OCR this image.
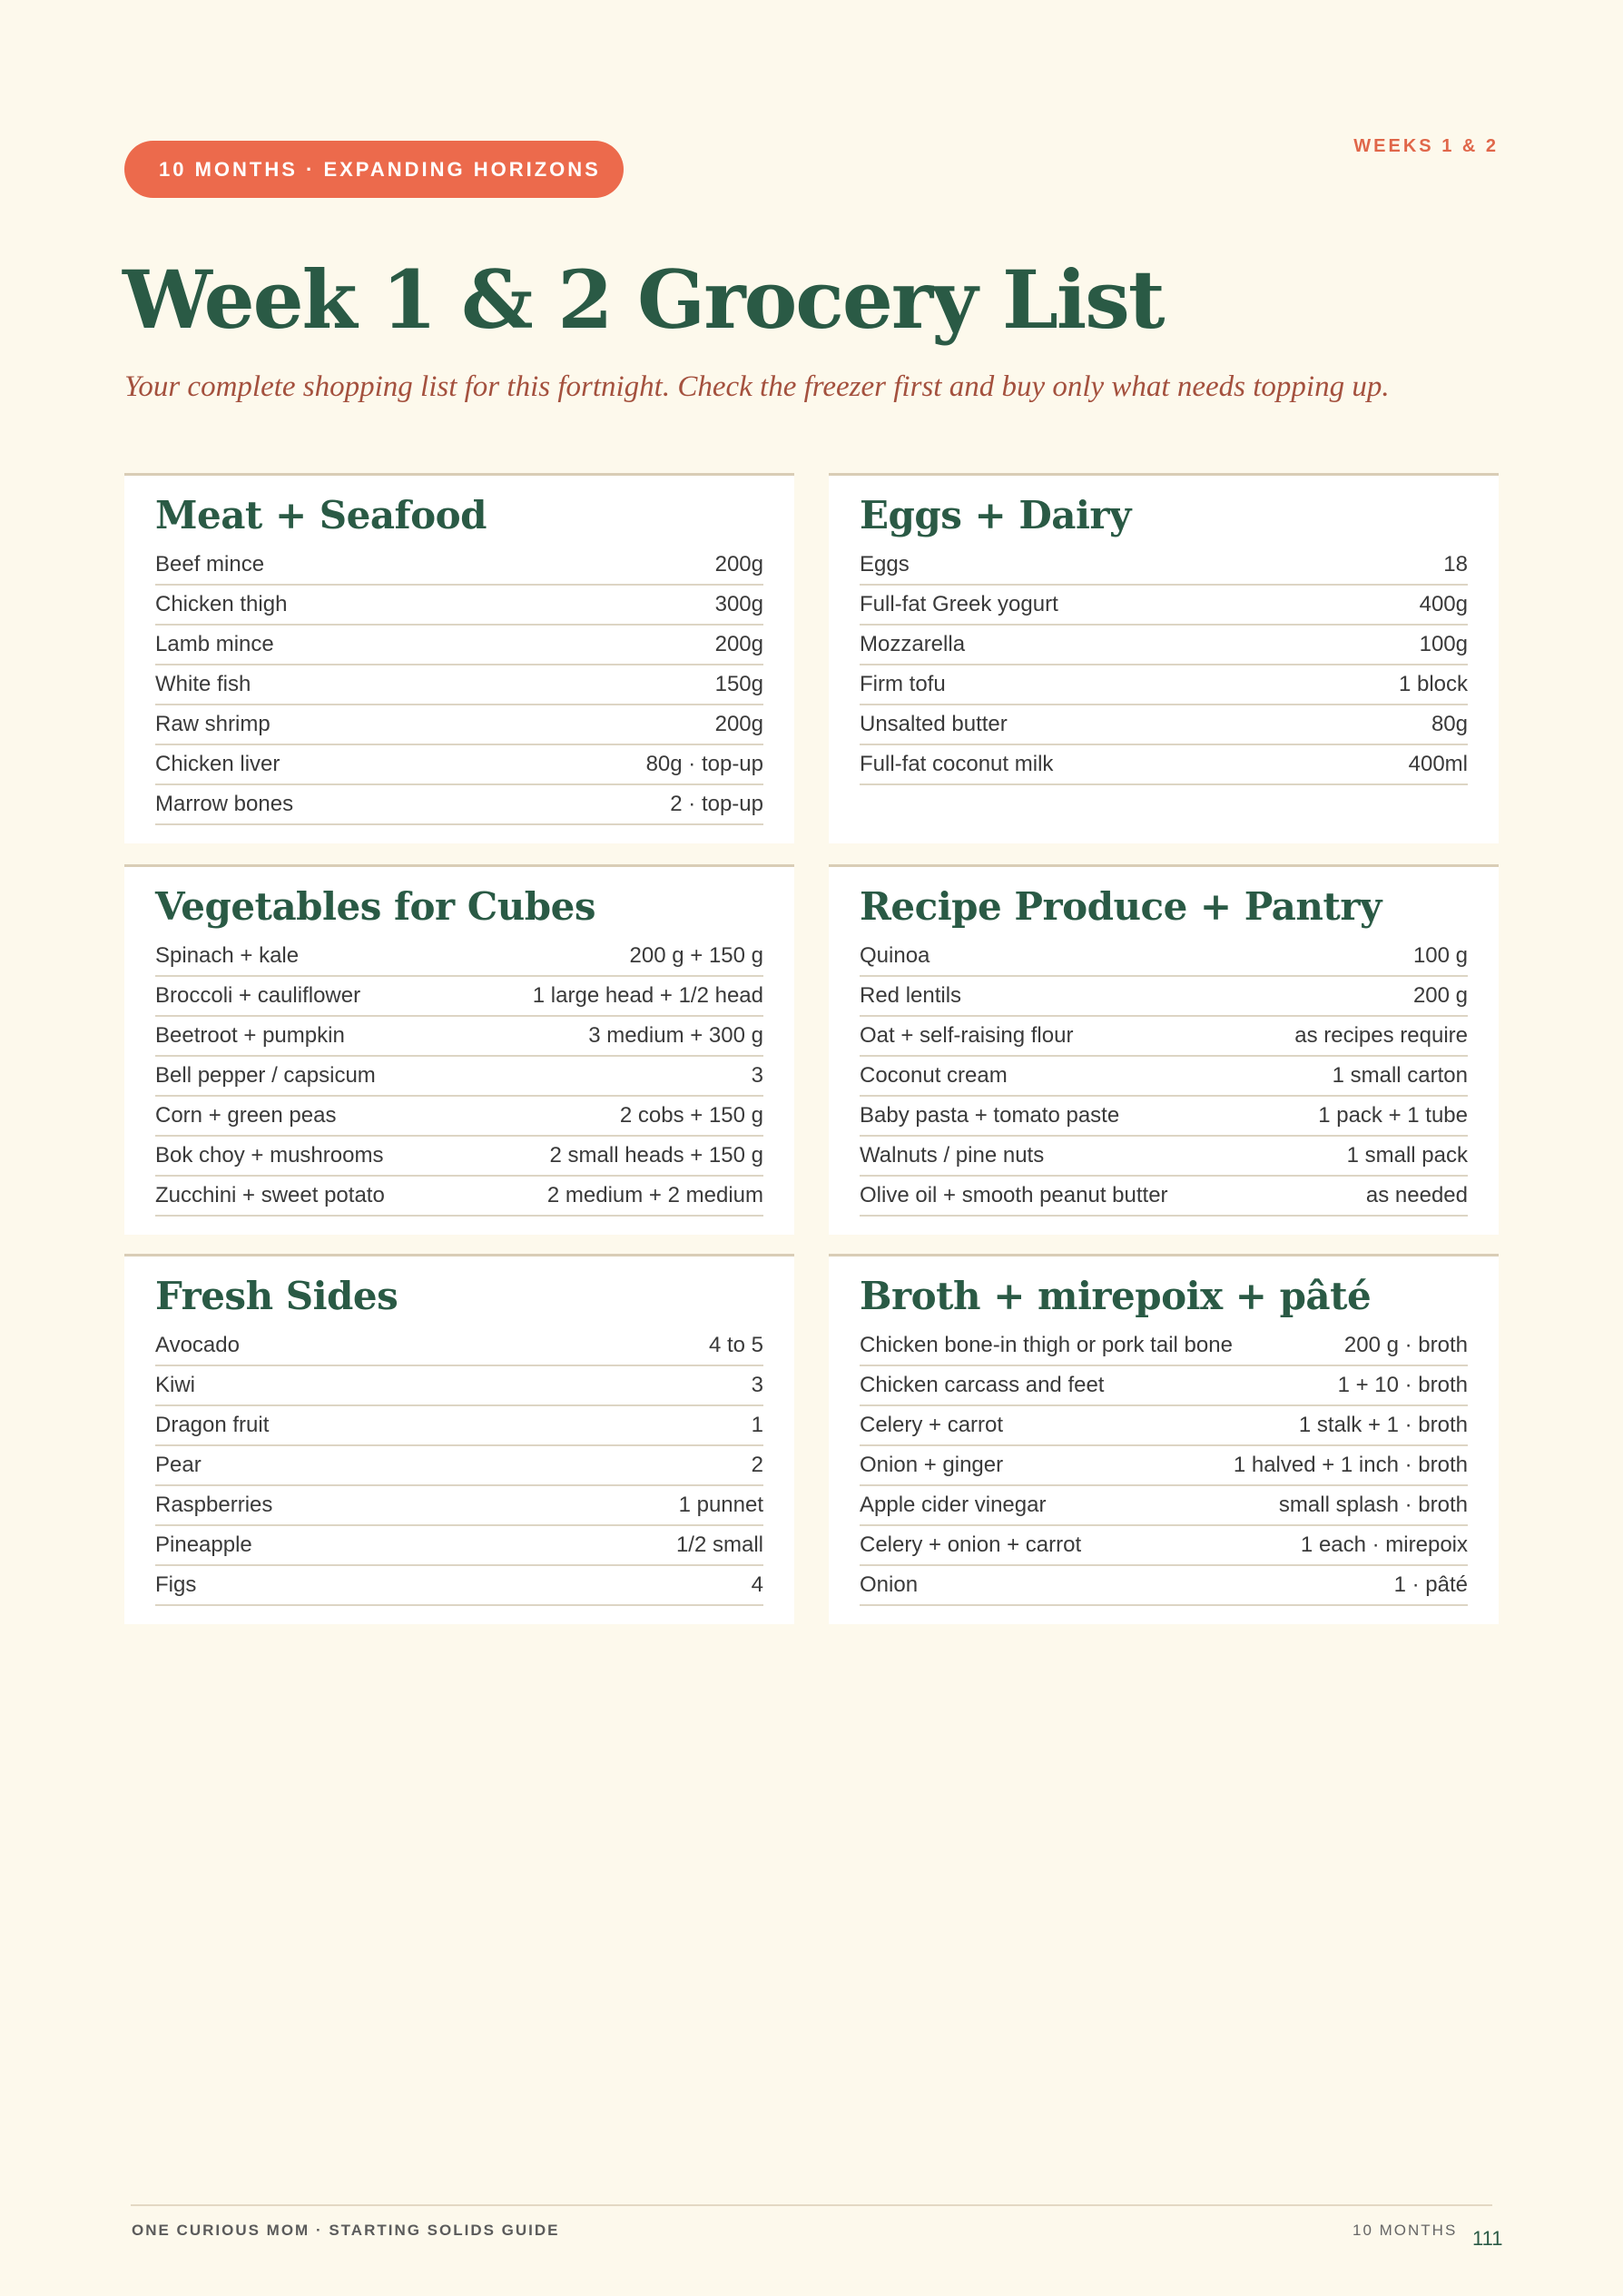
10 MONTHS · EXPANDING HORIZONS
WEEKS 1 & 2
Week 1 & 2 Grocery List

Your complete shopping list for this fortnight. Check the freezer first and buy only what needs topping up.

Meat + Seafood
Beef mince	200g
Chicken thigh	300g
Lamb mince	200g
White fish	150g
Raw shrimp	200g
Chicken liver	80g · top-up
Marrow bones	2 · top-up
Eggs + Dairy
Eggs	18
Full-fat Greek yogurt	400g
Mozzarella	100g
Firm tofu	1 block
Unsalted butter	80g
Full-fat coconut milk	400ml
Vegetables for Cubes
Spinach + kale	200 g + 150 g
Broccoli + cauliflower	1 large head + 1/2 head
Beetroot + pumpkin	3 medium + 300 g
Bell pepper / capsicum	3
Corn + green peas	2 cobs + 150 g
Bok choy + mushrooms	2 small heads + 150 g
Zucchini + sweet potato	2 medium + 2 medium
Recipe Produce + Pantry
Quinoa	100 g
Red lentils	200 g
Oat + self-raising flour	as recipes require
Coconut cream	1 small carton
Baby pasta + tomato paste	1 pack + 1 tube
Walnuts / pine nuts	1 small pack
Olive oil + smooth peanut butter	as needed
Fresh Sides
Avocado	4 to 5
Kiwi	3
Dragon fruit	1
Pear	2
Raspberries	1 punnet
Pineapple	1/2 small
Figs	4
Broth + mirepoix + pâté
Chicken bone-in thigh or pork tail bone	200 g · broth
Chicken carcass and feet	1 + 10 · broth
Celery + carrot	1 stalk + 1 · broth
Onion + ginger	1 halved + 1 inch · broth
Apple cider vinegar	small splash · broth
Celery + onion + carrot	1 each · mirepoix
Onion	1 · pâté
ONE CURIOUS MOM · STARTING SOLIDS GUIDE	10 MONTHS 111
